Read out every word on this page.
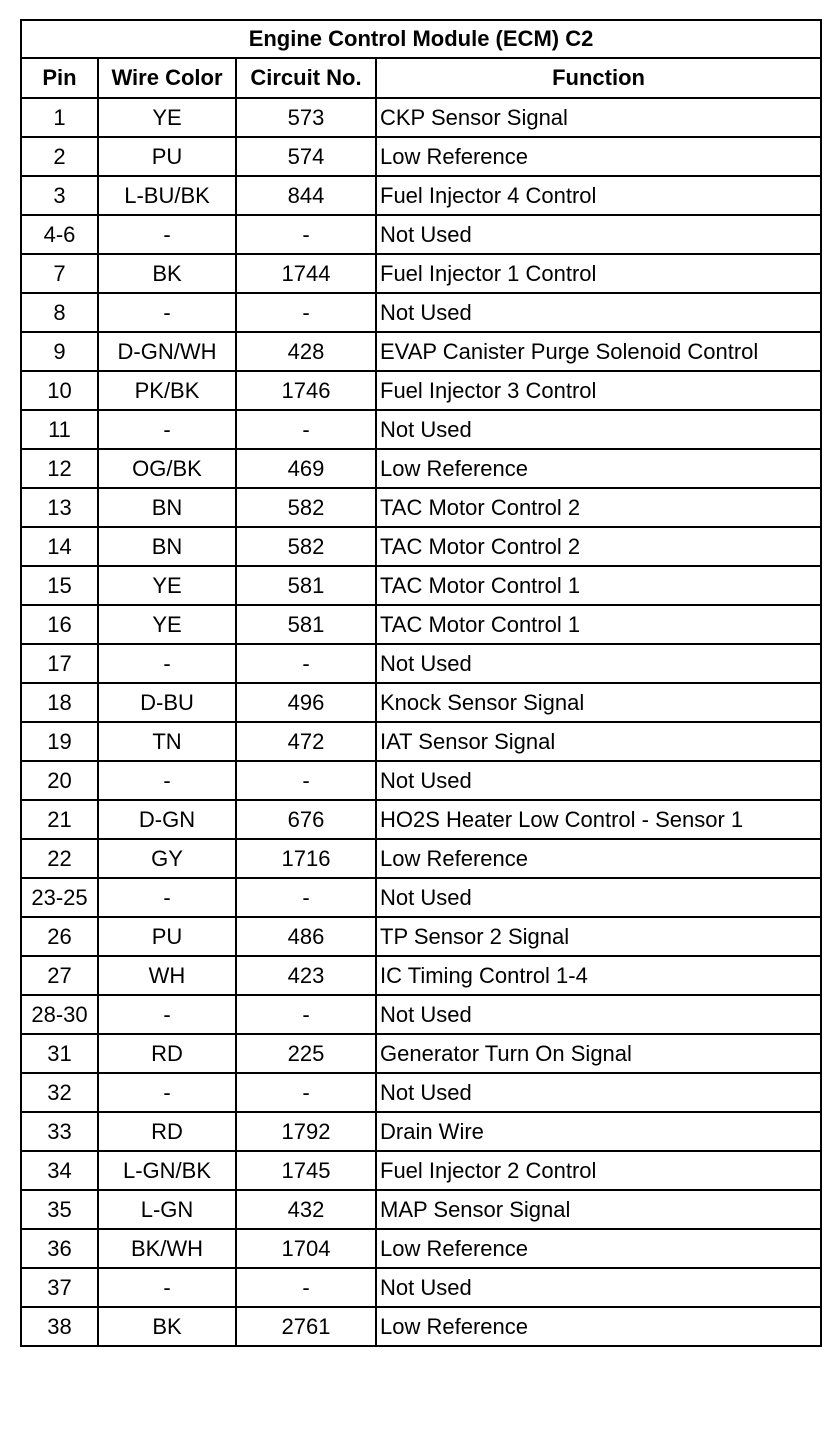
Engine Control Module (ECM) C2			
Pin	Wire Color	Circuit No.	Function
1	YE	573	CKP Sensor Signal
2	PU	574	Low Reference
3	L-BU/BK	844	Fuel Injector 4 Control
4-6	-	-	Not Used
7	BK	1744	Fuel Injector 1 Control
8	-	-	Not Used
9	D-GN/WH	428	EVAP Canister Purge Solenoid Control
10	PK/BK	1746	Fuel Injector 3 Control
11	-	-	Not Used
12	OG/BK	469	Low Reference
13	BN	582	TAC Motor Control 2
14	BN	582	TAC Motor Control 2
15	YE	581	TAC Motor Control 1
16	YE	581	TAC Motor Control 1
17	-	-	Not Used
18	D-BU	496	Knock Sensor Signal
19	TN	472	IAT Sensor Signal
20	-	-	Not Used
21	D-GN	676	HO2S Heater Low Control - Sensor 1
22	GY	1716	Low Reference
23-25	-	-	Not Used
26	PU	486	TP Sensor 2 Signal
27	WH	423	IC Timing Control 1-4
28-30	-	-	Not Used
31	RD	225	Generator Turn On Signal
32	-	-	Not Used
33	RD	1792	Drain Wire
34	L-GN/BK	1745	Fuel Injector 2 Control
35	L-GN	432	MAP Sensor Signal
36	BK/WH	1704	Low Reference
37	-	-	Not Used
38	BK	2761	Low Reference
